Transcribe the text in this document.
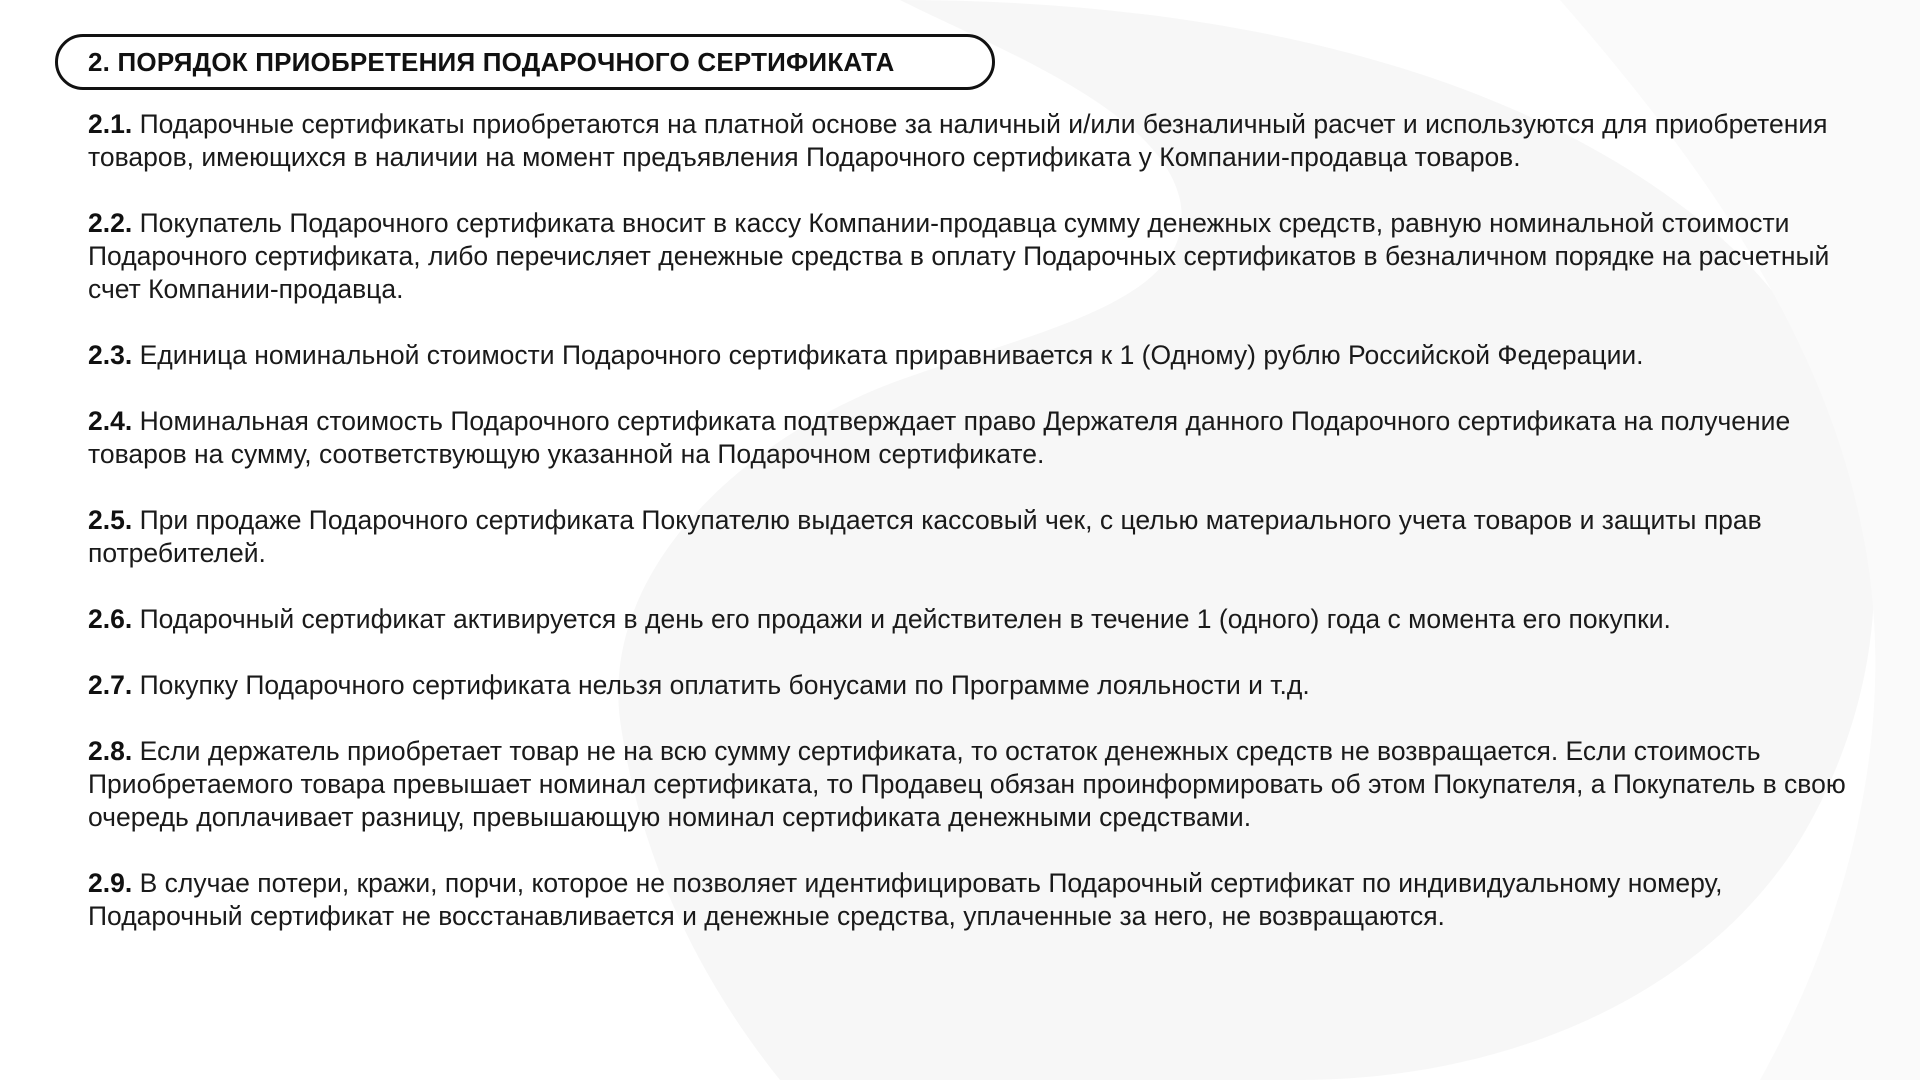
2. ПОРЯДОК ПРИОБРЕТЕНИЯ ПОДАРОЧНОГО СЕРТИФИКАТА

2.1. Подарочные сертификаты приобретаются на платной основе за наличный и/или безналичный расчет и используются для приобретения товаров, имеющихся в наличии на момент предъявления Подарочного сертификата у Компании-продавца товаров.

2.2. Покупатель Подарочного сертификата вносит в кассу Компании-продавца сумму денежных средств, равную номинальной стоимости Подарочного сертификата, либо перечисляет денежные средства в оплату Подарочных сертификатов в безналичном порядке на расчетный счет Компании-продавца.

2.3. Единица номинальной стоимости Подарочного сертификата приравнивается к 1 (Одному) рублю Российской Федерации.

2.4. Номинальная стоимость Подарочного сертификата подтверждает право Держателя данного Подарочного сертификата на получение товаров на сумму, соответствующую указанной на Подарочном сертификате.

2.5. При продаже Подарочного сертификата Покупателю выдается кассовый чек, с целью материального учета товаров и защиты прав потребителей.

2.6. Подарочный сертификат активируется в день его продажи и действителен в течение 1 (одного) года с момента его покупки.

2.7. Покупку Подарочного сертификата нельзя оплатить бонусами по Программе лояльности и т.д.

2.8. Если держатель приобретает товар не на всю сумму сертификата, то остаток денежных средств не возвращается. Если стоимость Приобретаемого товара превышает номинал сертификата, то Продавец обязан проинформировать об этом Покупателя, а Покупатель в свою очередь доплачивает разницу, превышающую номинал сертификата денежными средствами.

2.9. В случае потери, кражи, порчи, которое не позволяет идентифицировать Подарочный сертификат по индивидуальному номеру, Подарочный сертификат не восстанавливается и денежные средства, уплаченные за него, не возвращаются.
